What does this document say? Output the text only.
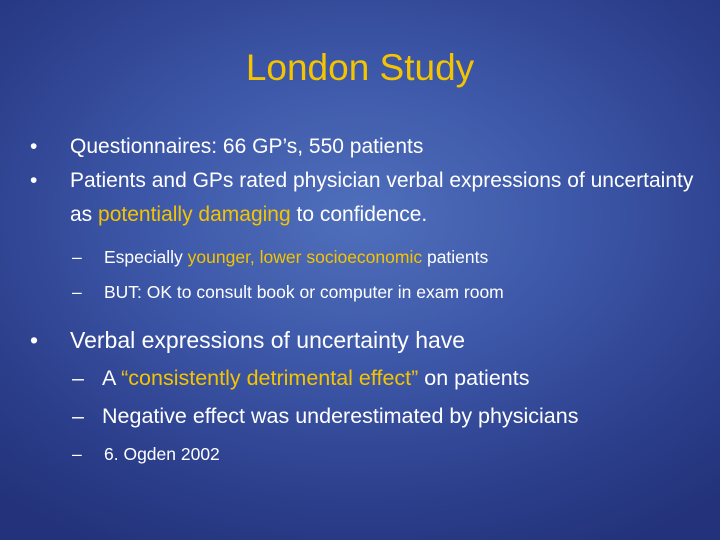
London Study
• Questionnaires: 66 GP’s, 550 patients
• Patients and GPs rated physician verbal expressions of uncertainty as potentially damaging to confidence.
– Especially younger, lower socioeconomic patients
– BUT: OK to consult book or computer in exam room
• Verbal expressions of uncertainty have
– A “consistently detrimental effect” on patients
– Negative effect was underestimated by physicians
– 6. Ogden 2002
